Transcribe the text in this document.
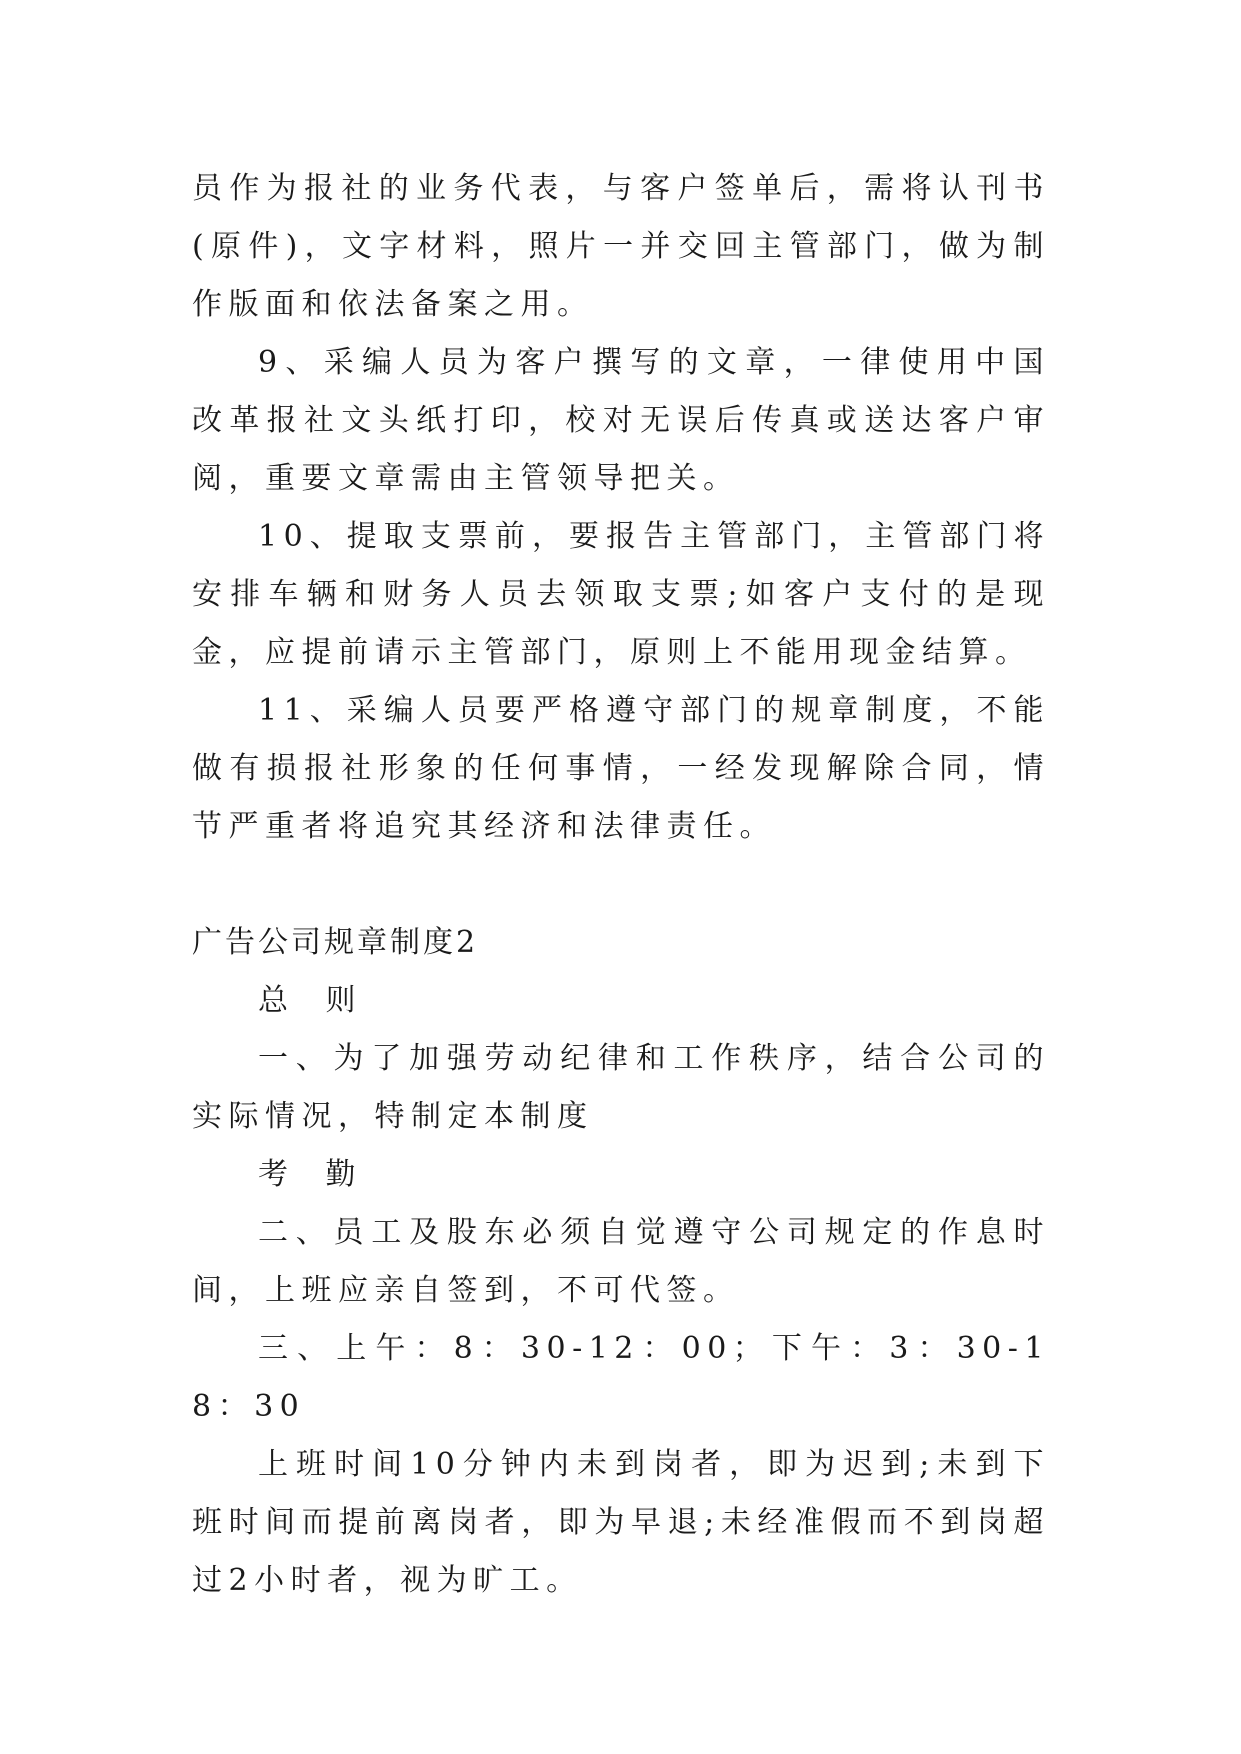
员作为报社的业务代表，与客户签单后，需将认刊书(原件)，文字材料，照片一并交回主管部门，做为制作版面和依法备案之用。

9、采编人员为客户撰写的文章，一律使用中国改革报社文头纸打印，校对无误后传真或送达客户审阅，重要文章需由主管领导把关。

10、提取支票前，要报告主管部门，主管部门将安排车辆和财务人员去领取支票;如客户支付的是现金，应提前请示主管部门，原则上不能用现金结算。

11、采编人员要严格遵守部门的规章制度，不能做有损报社形象的任何事情，一经发现解除合同，情节严重者将追究其经济和法律责任。

广告公司规章制度2

总 则

一、为了加强劳动纪律和工作秩序，结合公司的实际情况，特制定本制度

考 勤

二、员工及股东必须自觉遵守公司规定的作息时间，上班应亲自签到，不可代签。

三、上午：8：30-12：00；下午：3：30-18：30

上班时间10分钟内未到岗者，即为迟到;未到下班时间而提前离岗者，即为早退;未经准假而不到岗超过2小时者，视为旷工。
